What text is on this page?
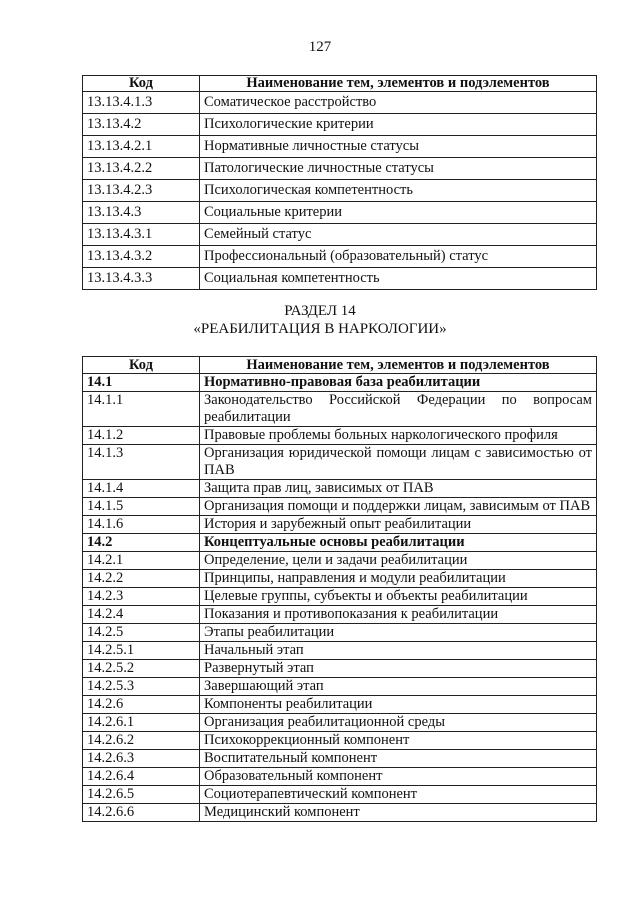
127
Код	Наименование тем, элементов и подэлементов
13.13.4.1.3	Соматическое расстройство
13.13.4.2	Психологические критерии
13.13.4.2.1	Нормативные личностные статусы
13.13.4.2.2	Патологические личностные статусы
13.13.4.2.3	Психологическая компетентность
13.13.4.3	Социальные критерии
13.13.4.3.1	Семейный статус
13.13.4.3.2	Профессиональный (образовательный) статус
13.13.4.3.3	Социальная компетентность
РАЗДЕЛ 14
«РЕАБИЛИТАЦИЯ В НАРКОЛОГИИ»
Код	Наименование тем, элементов и подэлементов
14.1	Нормативно-правовая база реабилитации
14.1.1	Законодательство Российской Федерации по вопросам реабилитации
14.1.2	Правовые проблемы больных наркологического профиля
14.1.3	Организация юридической помощи лицам с зависимостью от ПАВ
14.1.4	Защита прав лиц, зависимых от ПАВ
14.1.5	Организация помощи и поддержки лицам, зависимым от ПАВ
14.1.6	История и зарубежный опыт реабилитации
14.2	Концептуальные основы реабилитации
14.2.1	Определение, цели и задачи реабилитации
14.2.2	Принципы, направления и модули реабилитации
14.2.3	Целевые группы, субъекты и объекты реабилитации
14.2.4	Показания и противопоказания к реабилитации
14.2.5	Этапы реабилитации
14.2.5.1	Начальный этап
14.2.5.2	Развернутый этап
14.2.5.3	Завершающий этап
14.2.6	Компоненты реабилитации
14.2.6.1	Организация реабилитационной среды
14.2.6.2	Психокоррекционный компонент
14.2.6.3	Воспитательный компонент
14.2.6.4	Образовательный компонент
14.2.6.5	Социотерапевтический компонент
14.2.6.6	Медицинский компонент
